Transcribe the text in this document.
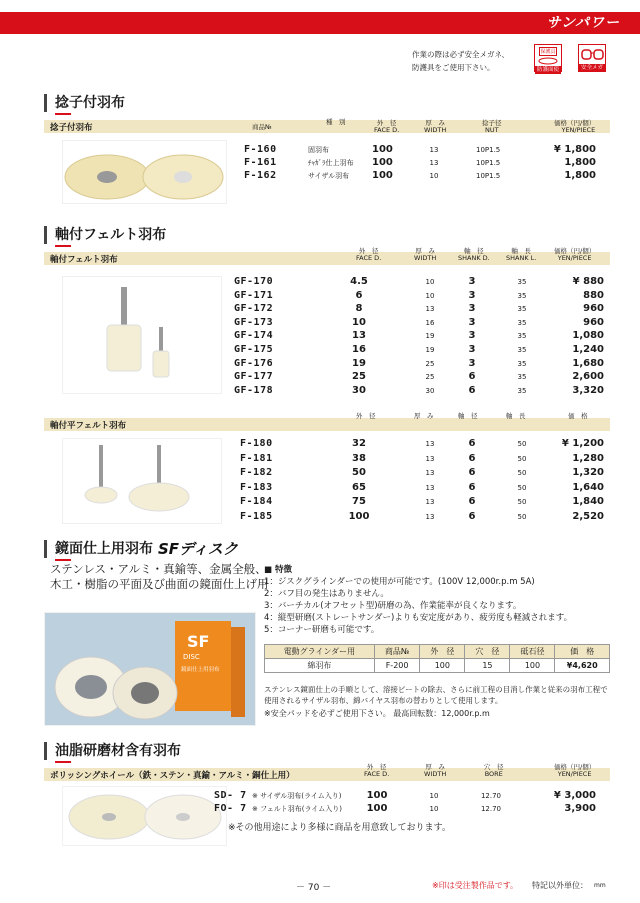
サンパワー
作業の際は必ず安全メガネ、防護具をご使用下さい。
保護具
防護面使用
安全メガネ
捻子付羽布
捻子付羽布	商品№
種　別	外　径
FACE D.
厚　み
WIDTH
捻子径
NUT
価格（円/個）
YEN/PIECE
F-160	固羽布	100	13	10P1.5	¥ 1,800
F-161	ﾁｬｶﾞﾗ仕上羽布 100	13	10P1.5	1,800
F-162	サイザル羽布 100	10	10P1.5	1,800
軸付フェルト羽布
軸付フェルト羽布
外　径
FACE D.
厚　み
WIDTH
軸　径
SHANK D.
軸　長
SHANK L.
価格（円/個）
YEN/PIECE
GF-170	4.5	10	3	35	¥ 880
GF-171	6	10	3	35	880
GF-172	8	13	3	35	960
GF-173	10	16	3	35	960
GF-174	13	19	3	35	1,080
GF-175	16	19	3	35	1,240
GF-176	19	25	3	35	1,680
GF-177	25	25	6	35	2,600
GF-178	30	30	6	35	3,320
軸付平フェルト羽布
外　径	厚　み	軸　径	軸　長	価　格
F-180	32	13	6	50	¥ 1,200
F-181	38	13	6	50	1,280
F-182	50	13	6	50	1,320
F-183	65	13	6	50	1,640
F-184	75	13	6	50	1,840
F-185	100	13	6	50	2,520
鏡面仕上用羽布 SFディスク
ステンレス・アルミ・真鍮等、金属全般、木工・樹脂の平面及び曲面の鏡面仕上げ用
SF
DISC
鏡面仕上用羽布
■ 特徴
1：ジスクグラインダーでの使用が可能です。(100V 12,000r.p.m 5A)
2：バフ目の発生はありません。
3：バーチカル(オフセット型)研磨の為、作業能率が良くなります。
4：縦型研磨(ストレートサンダー)よりも安定度があり、疲労度も軽減されます。
5：コーナー研磨も可能です。
電動グラインダー用	商品№	外　径	穴　径	砥石径	価　格
綿羽布	F-200	100	15	100	¥4,620
ステンレス鏡面仕上の手順として、溶接ビートの除去、さらに前工程の目消し作業と従来の羽布工程で使用されるサイザル羽布、綿バイヤス羽布の替わりとして使用します。
※安全パッドを必ずご使用下さい。 最高回転数：12,000r.p.m
油脂研磨材含有羽布
ポリッシングホイール（鉄・ステン・真鍮・アルミ・銅仕上用）
外　径
FACE D.
厚　み
WIDTH
穴　径
BORE
価格（円/個）
YEN/PIECE
SD- 7 ※ サイザル羽布(ライム入り)	100	10	12.70	¥ 3,000
FO- 7 ※ フェルト羽布(ライム入り)	100	10	12.70	3,900
※その他用途により多様に商品を用意致しております。
－ 70 －	※印は受注製作品です。 特記以外単位： mm
